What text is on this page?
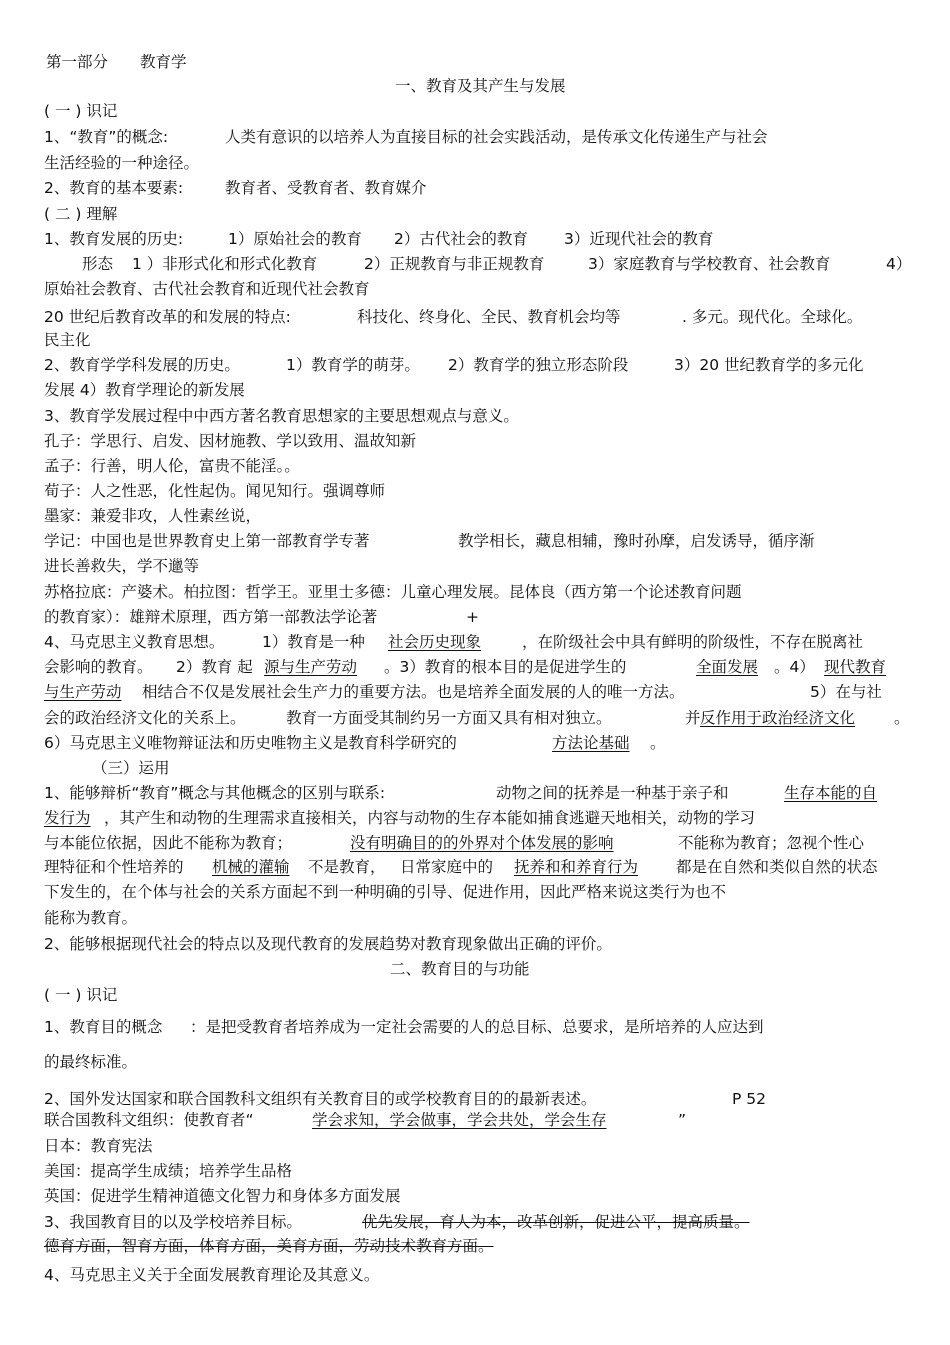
第一部分 教育学
一、教育及其产生与发展
( 一 ) 识记
1、“教育”的概念:	人类有意识的以培养人为直接目标的社会实践活动，是传承文化传递生产与社会
生活经验的一种途径。
2、教育的基本要素:	教育者、受教育者、教育媒介
( 二 ) 理解
1、教育发展的历史:	1）原始社会的教育 2）古代社会的教育 3）近现代社会的教育
形态 1 ）非形式化和形式化教育	2）正规教育与非正规教育	3）家庭教育与学校教育、社会教育	4）
原始社会教育、古代社会教育和近现代社会教育
20 世纪后教育改革的和发展的特点:	科技化、终身化、全民、教育机会均等	. 多元。现代化。全球化。
民主化
2、教育学学科发展的历史。	1）教育学的萌芽。 2）教育学的独立形态阶段	3）20 世纪教育学的多元化
发展 4）教育学理论的新发展
3、教育学发展过程中中西方著名教育思想家的主要思想观点与意义。
孔子：学思行、启发、因材施教、学以致用、温故知新
孟子：行善，明人伦，富贵不能淫。。
荀子：人之性恶，化性起伪。闻见知行。强调尊师
墨家：兼爱非攻，人性素丝说，
学记：中国也是世界教育史上第一部教育学专著	教学相长，藏息相辅，豫时孙摩，启发诱导，循序渐
进长善救失，学不邋等
苏格拉底：产婆术。柏拉图：哲学王。亚里士多德：儿童心理发展。昆体良（西方第一个论述教育问题
的教育家）：雄辩术原理，西方第一部教法学论著	+
4、马克思主义教育思想。 1）教育是一种 社会历史现象	，在阶级社会中具有鲜明的阶级性，不存在脱离社
会影响的教育。 2）教育 起 源与生产劳动 。3）教育的根本目的是促进学生的	全面发展 。4） 现代教育
与生产劳动 相结合不仅是发展社会生产力的重要方法。也是培养全面发展的人的唯一方法。	5）在与社
会的政治经济文化的关系上。	教育一方面受其制约另一方面又具有相对独立。	并 反作用于政治经济文化	。
6）马克思主义唯物辩证法和历史唯物主义是教育科学研究的	方法论基础 。
（三）运用
1、能够辩析“教育”概念与其他概念的区别与联系:	动物之间的抚养是一种基于亲子和	生存本能的自
发行为 ，其产生和动物的生理需求直接相关，内容与动物的生存本能如捕食逃避天地相关，动物的学习
与本能位依据，因此不能称为教育；	没有明确目的的外界对个体发展的影响	不能称为教育；忽视个性心
理特征和个性培养的 机械的灌输 不是教育， 日常家庭中的 抚养和和养育行为 都是在自然和类似自然的状态
下发生的，在个体与社会的关系方面起不到一种明确的引导、促进作用，因此严格来说这类行为也不
能称为教育。
2、能够根据现代社会的特点以及现代教育的发展趋势对教育现象做出正确的评价。
二、教育目的与功能
( 一 ) 识记
1、教育目的概念 ：是把受教育者培养成为一定社会需要的人的总目标、总要求，是所培养的人应达到
的最终标准。
2、国外发达国家和联合国教科文组织有关教育目的或学校教育目的的最新表述。	P 52
联合国教科文组织：使教育者“	学会求知，学会做事，学会共处，学会生存	”
日本：教育宪法
美国：提高学生成绩；培养学生品格
英国：促进学生精神道德文化智力和身体多方面发展
3、我国教育目的以及学校培养目标。	优先发展，育人为本，改革创新，促进公平，提高质量。
德育方面，智育方面，体育方面，美育方面，劳动技术教育方面。
4、马克思主义关于全面发展教育理论及其意义。
